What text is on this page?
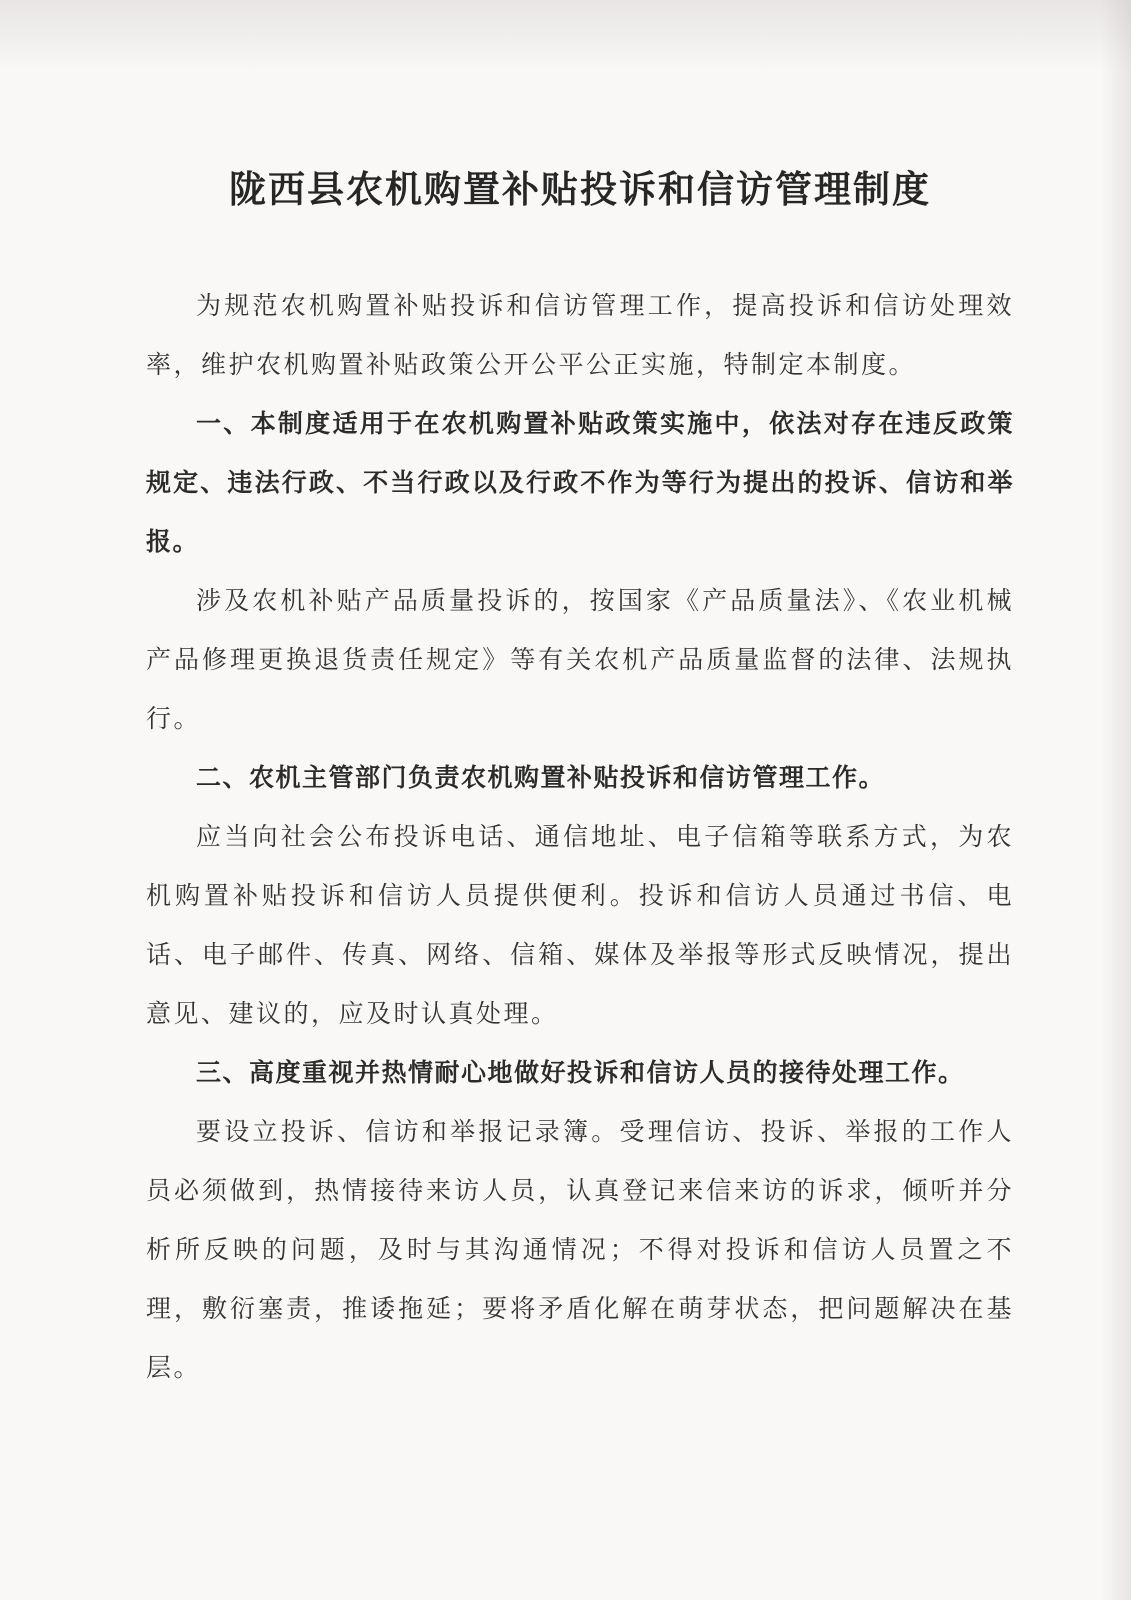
陇西县农机购置补贴投诉和信访管理制度

为规范农机购置补贴投诉和信访管理工作，提高投诉和信访处理效率，维护农机购置补贴政策公开公平公正实施，特制定本制度。

一、本制度适用于在农机购置补贴政策实施中，依法对存在违反政策规定、违法行政、不当行政以及行政不作为等行为提出的投诉、信访和举报。

涉及农机补贴产品质量投诉的，按国家《产品质量法》、《农业机械产品修理更换退货责任规定》等有关农机产品质量监督的法律、法规执行。

二、农机主管部门负责农机购置补贴投诉和信访管理工作。

应当向社会公布投诉电话、通信地址、电子信箱等联系方式，为农机购置补贴投诉和信访人员提供便利。投诉和信访人员通过书信、电话、电子邮件、传真、网络、信箱、媒体及举报等形式反映情况，提出意见、建议的，应及时认真处理。

三、高度重视并热情耐心地做好投诉和信访人员的接待处理工作。

要设立投诉、信访和举报记录簿。受理信访、投诉、举报的工作人员必须做到，热情接待来访人员，认真登记来信来访的诉求，倾听并分析所反映的问题，及时与其沟通情况；不得对投诉和信访人员置之不理，敷衍塞责，推诿拖延；要将矛盾化解在萌芽状态，把问题解决在基层。
